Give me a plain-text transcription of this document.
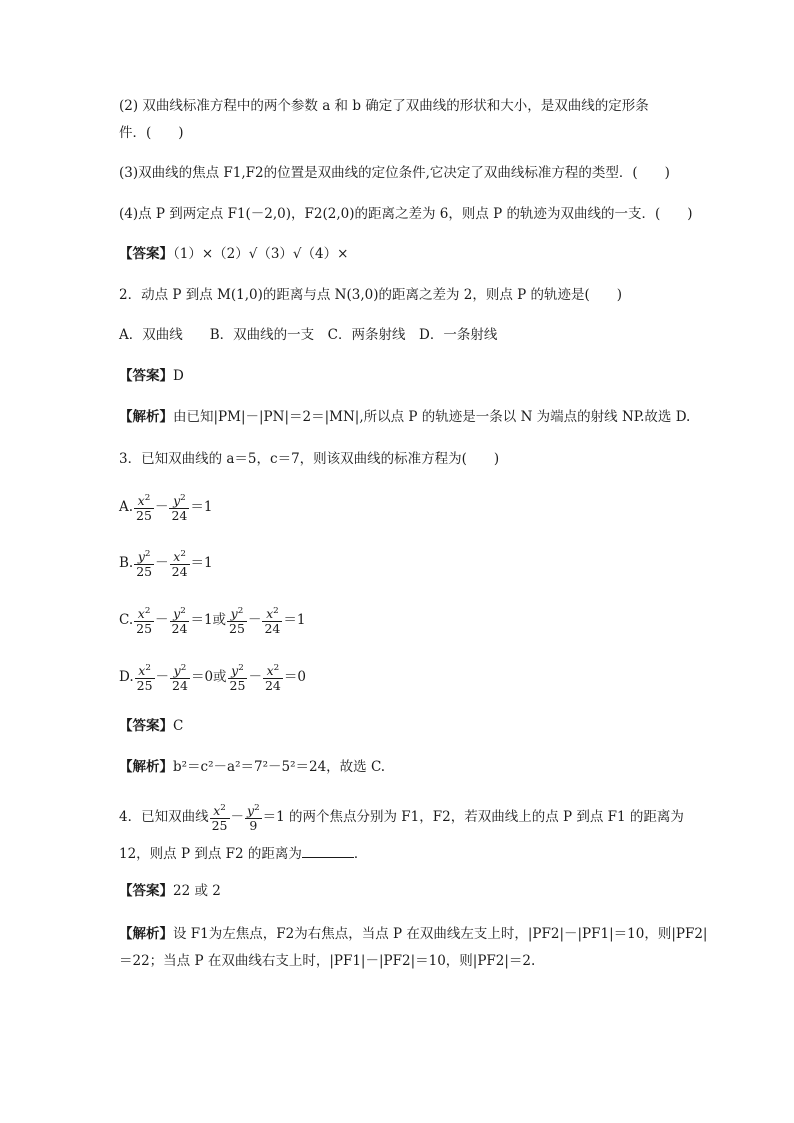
(2) 双曲线标准方程中的两个参数 a 和 b 确定了双曲线的形状和大小，是双曲线的定形条
件．(　　)
(3)双曲线的焦点 F1,F2的位置是双曲线的定位条件,它决定了双曲线标准方程的类型．(　　)
(4)点 P 到两定点 F1(－2,0)，F2(2,0)的距离之差为 6，则点 P 的轨迹为双曲线的一支．(　　)
【答案】（1）×（2）√（3）√（4）×
2．动点 P 到点 M(1,0)的距离与点 N(3,0)的距离之差为 2，则点 P 的轨迹是(　　)
A．双曲线　　B．双曲线的一支　C．两条射线　D．一条射线
【答案】D
【解析】由已知|PM|－|PN|＝2＝|MN|,所以点 P 的轨迹是一条以 N 为端点的射线 NP.故选 D.
3．已知双曲线的 a＝5，c＝7，则该双曲线的标准方程为(　　)
A. $\frac{x^2}{25} - \frac{y^2}{24} =1$
B. $\frac{y^2}{25} - \frac{x^2}{24} =1$
C. $\frac{x^2}{25} - \frac{y^2}{24} =1$ 或 $\frac{y^2}{25} - \frac{x^2}{24} =1$
D. $\frac{x^2}{25} - \frac{y^2}{24} =0$ 或 $\frac{y^2}{25} - \frac{x^2}{24} =0$
【答案】C
【解析】b²＝c²－a²＝7²－5²＝24，故选 C.
4．已知双曲线 $\frac{x^2}{25} - \frac{y^2}{9} =1$ 的两个焦点分别为 F1，F2，若双曲线上的点 P 到点 F1 的距离为
12，则点 P 到点 F2 的距离为	．
【答案】22 或 2
【解析】设 F1为左焦点，F2为右焦点，当点 P 在双曲线左支上时，|PF2|－|PF1|＝10，则|PF2|
＝22；当点 P 在双曲线右支上时，|PF1|－|PF2|＝10，则|PF2|＝2.
